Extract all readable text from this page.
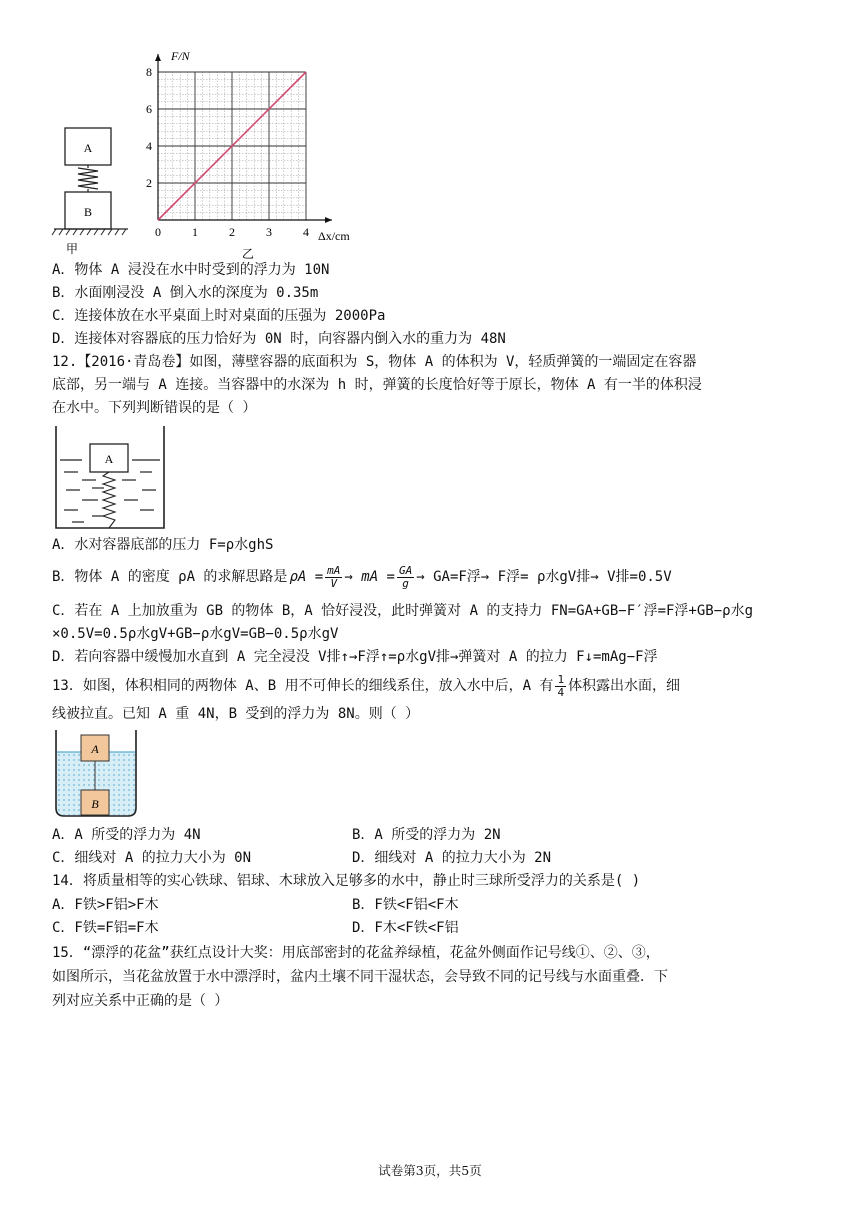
A
B
甲
0	1	2	3	4
2
4
6
8
F/N
Δx/cm
乙
A．物体 A 浸没在水中时受到的浮力为 10N
B．水面刚浸没 A 倒入水的深度为 0.35m
C．连接体放在水平桌面上时对桌面的压强为 2000Pa
D．连接体对容器底的压力恰好为 0N 时，向容器内倒入水的重力为 48N
12.【2016·青岛卷】如图，薄壁容器的底面积为 S，物体 A 的体积为 V，轻质弹簧的一端固定在容器
底部，另一端与 A 连接。当容器中的水深为 h 时，弹簧的长度恰好等于原长，物体 A 有一半的体积浸
在水中。下列判断错误的是（ ）
A
A．水对容器底部的压力 F=ρ水ghS
B．物体 A 的密度 ρA 的求解思路是 $\rho A = \frac{mA}{V}$ → mA = $\frac{GA}{g} \to GA=F$浮→ F浮= ρ水gV排→ V排=0.5V
C．若在 A 上加放重为 GB 的物体 B，A 恰好浸没，此时弹簧对 A 的支持力 FN=GA+GB−F′浮=F浮+GB−ρ水g
×0.5V=0.5ρ水gV+GB−ρ水gV=GB−0.5ρ水gV
D．若向容器中缓慢加水直到 A 完全浸没 V排↑→F浮↑=ρ水gV排→弹簧对 A 的拉力 F↓=mAg−F浮
13．如图，体积相同的两物体 A、B 用不可伸长的细线系住，放入水中后，A 有 $\frac{1}{4}$ 体积露出水面，细
线被拉直。已知 A 重 4N，B 受到的浮力为 8N。则（ ）
A
B
A．A 所受的浮力为 4N	B．A 所受的浮力为 2N
C．细线对 A 的拉力大小为 0N	D．细线对 A 的拉力大小为 2N
14．将质量相等的实心铁球、铝球、木球放入足够多的水中，静止时三球所受浮力的关系是( )
A．F铁>F铝>F木	B．F铁<F铝<F木
C．F铁=F铝=F木	D．F木<F铁<F铝
15．“漂浮的花盆”获红点设计大奖：用底部密封的花盆养绿植，花盆外侧面作记号线①、②、③，
如图所示，当花盆放置于水中漂浮时，盆内土壤不同干湿状态，会导致不同的记号线与水面重叠．下
列对应关系中正确的是（ ）
试卷第3页，共5页
